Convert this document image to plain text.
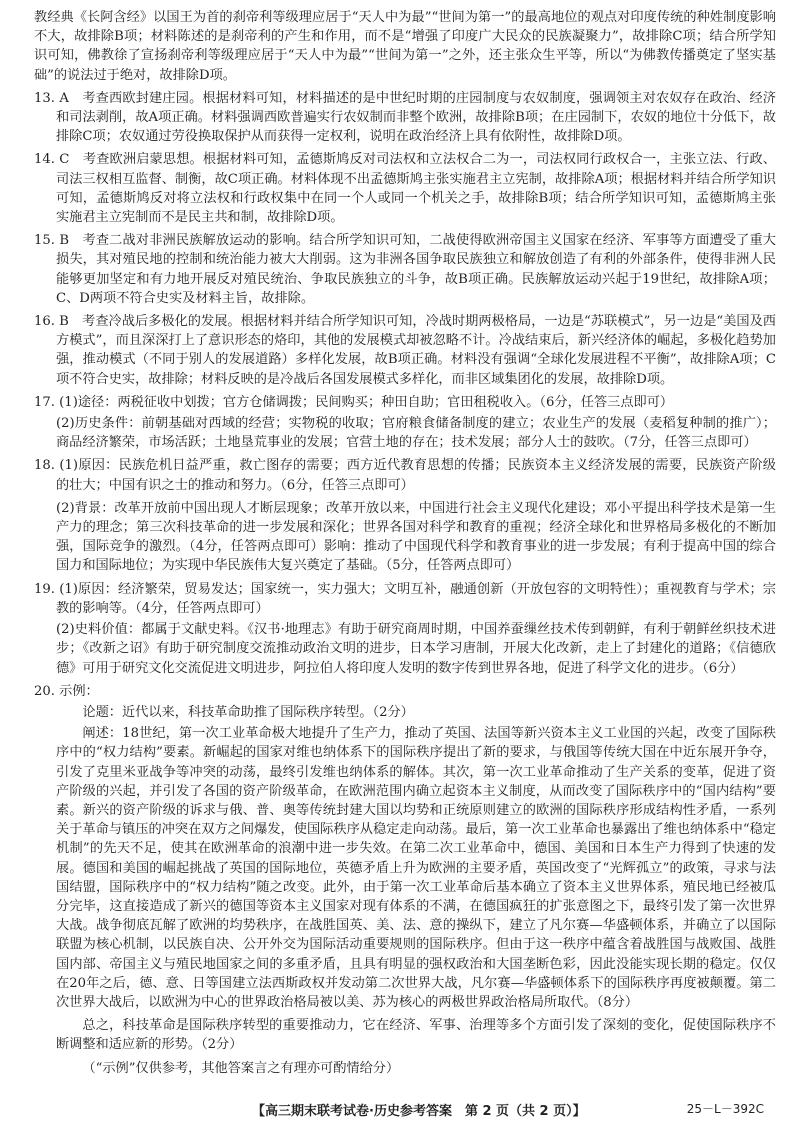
教经典《长阿含经》以国王为首的刹帝利等级理应居于“天人中为最”“世间为第一”的最高地位的观点对印度传统的种姓制度影响不大，故排除B项；材料陈述的是刹帝利的产生和作用，而不是“增强了印度广大民众的民族凝聚力”，故排除C项；结合所学知识可知，佛教徐了宣扬刹帝利等级理应居于“天人中为最”“世间为第一”之外，还主张众生平等，所以“为佛教传播奠定了坚实基础”的说法过于绝对，故排除D项。

13. A　考查西欧封建庄园。根据材料可知，材料描述的是中世纪时期的庄园制度与农奴制度，强调领主对农奴存在政治、经济和司法剥削，故A项正确。材料强调西欧普遍实行农奴制而非整个欧洲，故排除B项；在庄园制下，农奴的地位十分低下，故排除C项；农奴通过劳役换取保护从而获得一定权利，说明在政治经济上具有依附性，故排除D项。

14. C　考查欧洲启蒙思想。根据材料可知，孟德斯鸠反对司法权和立法权合二为一，司法权同行政权合一，主张立法、行政、司法三权相互监督、制衡，故C项正确。材料体现不出孟德斯鸠主张实施君主立宪制，故排除A项；根据材料并结合所学知识可知，孟德斯鸠反对将立法权和行政权集中在同一个人或同一个机关之手，故排除B项；结合所学知识可知，孟德斯鸠主张实施君主立宪制而不是民主共和制，故排除D项。

15. B　考查二战对非洲民族解放运动的影响。结合所学知识可知，二战使得欧洲帝国主义国家在经济、军事等方面遭受了重大损失，其对殖民地的控制和统治能力被大大削弱。这为非洲各国争取民族独立和解放创造了有利的外部条件，使得非洲人民能够更加坚定和有力地开展反对殖民统治、争取民族独立的斗争，故B项正确。民族解放运动兴起于19世纪，故排除A项；C、D两项不符合史实及材料主旨，故排除。

16. B　考查冷战后多极化的发展。根据材料并结合所学知识可知，冷战时期两极格局，一边是“苏联模式”，另一边是“美国及西方模式”，而且深深打上了意识形态的烙印，其他的发展模式却被忽略不计。冷战结束后，新兴经济体的崛起，多极化趋势加强，推动模式（不同于别人的发展道路）多样化发展，故B项正确。材料没有强调“全球化发展进程不平衡”，故排除A项；C项不符合史实，故排除；材料反映的是冷战后各国发展模式多样化，而非区域集团化的发展，故排除D项。

17. (1)途径：两税征收中划拨；官方仓储调拨；民间购买；种田自助；官田租税收入。（6分，任答三点即可）

(2)历史条件：前朝基础对西域的经营；实物税的收取；官府粮食储备制度的建立；农业生产的发展（麦稻复种制的推广）；商品经济繁荣，市场活跃；土地垦荒事业的发展；官营土地的存在；技术发展；部分人士的鼓吹。（7分，任答三点即可）

18. (1)原因：民族危机日益严重，救亡图存的需要；西方近代教育思想的传播；民族资本主义经济发展的需要，民族资产阶级的壮大；中国有识之士的推动和努力。（6分，任答三点即可）

(2)背景：改革开放前中国出现人才断层现象；改革开放以来，中国进行社会主义现代化建设；邓小平提出科学技术是第一生产力的理念；第三次科技革命的进一步发展和深化；世界各国对科学和教育的重视；经济全球化和世界格局多极化的不断加强，国际竞争的激烈。（4分，任答两点即可）影响：推动了中国现代科学和教育事业的进一步发展；有利于提高中国的综合国力和国际地位；为实现中华民族伟大复兴奠定了基础。（5分，任答两点即可）

19. (1)原因：经济繁荣，贸易发达；国家统一，实力强大；文明互补，融通创新（开放包容的文明特性）；重视教育与学术；宗教的影响等。（4分，任答两点即可）

(2)史料价值：都属于文献史料。《汉书·地理志》有助于研究商周时期，中国养蚕缫丝技术传到朝鲜，有利于朝鲜丝织技术进步；《改新之诏》有助于研究制度交流推动政治文明的进步，日本学习唐制，开展大化改新，走上了封建化的道路；《信德欣德》可用于研究文化交流促进文明进步，阿拉伯人将印度人发明的数字传到世界各地，促进了科学文化的进步。（6分）

20. 示例：

论题：近代以来，科技革命助推了国际秩序转型。（2分）

阐述：18世纪，第一次工业革命极大地提升了生产力，推动了英国、法国等新兴资本主义工业国的兴起，改变了国际秩序中的“权力结构”要素。新崛起的国家对维也纳体系下的国际秩序提出了新的要求，与俄国等传统大国在中近东展开争夺，引发了克里米亚战争等冲突的动荡，最终引发维也纳体系的解体。其次，第一次工业革命推动了生产关系的变革，促进了资产阶级的兴起，并引发了各国的资产阶级革命，在欧洲范围内确立起资本主义制度，从而改变了国际秩序中的“国内结构”要素。新兴的资产阶级的诉求与俄、普、奥等传统封建大国以均势和正统原则建立的欧洲的国际秩序形成结构性矛盾，一系列关于革命与镇压的冲突在双方之间爆发，使国际秩序从稳定走向动荡。最后，第一次工业革命也暴露出了维也纳体系中“稳定机制”的先天不足，使其在欧洲革命的浪潮中进一步失效。在第二次工业革命中，德国、美国和日本生产力得到了快速的发展。德国和美国的崛起挑战了英国的国际地位，英德矛盾上升为欧洲的主要矛盾，英国改变了“光辉孤立”的政策，寻求与法国结盟，国际秩序中的“权力结构”随之改变。此外，由于第一次工业革命后基本确立了资本主义世界体系，殖民地已经被瓜分完毕，这直接造成了新兴的德国等资本主义国家对现有体系的不满，在德国疯狂的扩张意图之下，最终引发了第一次世界大战。战争彻底瓦解了欧洲的均势秩序，在战胜国英、美、法、意的操纵下，建立了凡尔赛—华盛顿体系，并确立了以国际联盟为核心机制，以民族自决、公开外交为国际活动重要规则的国际秩序。但由于这一秩序中蕴含着战胜国与战败国、战胜国内部、帝国主义与殖民地国家之间的多重矛盾，且具有明显的强权政治和大国垄断色彩，因此没能实现长期的稳定。仅仅在20年之后，德、意、日等国建立法西斯政权并发动第二次世界大战，凡尔赛—华盛顿体系下的国际秩序再度被颠覆。第二次世界大战后，以欧洲为中心的世界政治格局被以美、苏为核心的两极世界政治格局所取代。（8分）

总之，科技革命是国际秩序转型的重要推动力，它在经济、军事、治理等多个方面引发了深刻的变化，促使国际秩序不断调整和适应新的形势。（2分）

（“示例”仅供参考，其他答案言之有理亦可酌情给分）

【高三期末联考试卷·历史参考答案　第 2 页（共 2 页）】	25－L－392C
